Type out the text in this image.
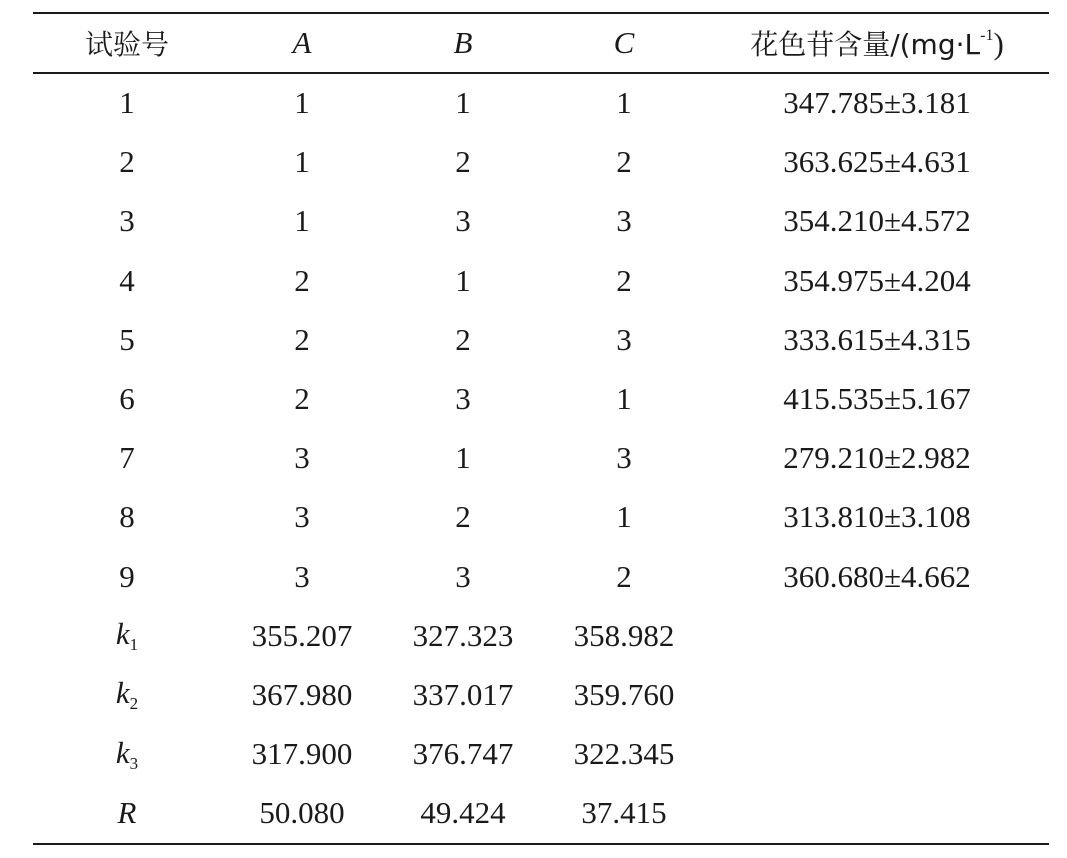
试验号	A	B	C	花色苷含量$/(mg\cdot L^{-1})$
1	1	1	1	347.785±3.181
2	1	2	2	363.625±4.631
3	1	3	3	354.210±4.572
4	2	1	2	354.975±4.204
5	2	2	3	333.615±4.315
6	2	3	1	415.535±5.167
7	3	1	3	279.210±2.982
8	3	2	1	313.810±3.108
9	3	3	2	360.680±4.662
$k_1$	355.207	327.323	358.982
$k_2$	367.980	337.017	359.760
$k_3$	317.900	376.747	322.345
R	50.080	49.424	37.415
